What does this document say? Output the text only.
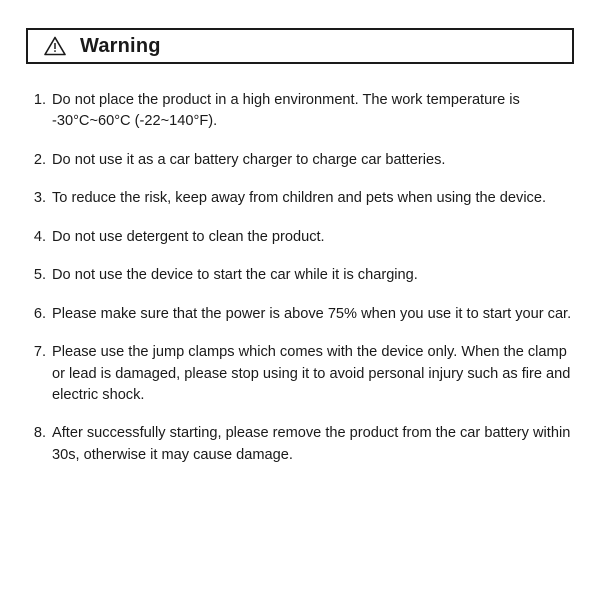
Warning
1. Do not place the product in a high environment. The work temperature is -30°C~60°C (-22~140°F).
2. Do not use it as a car battery charger to charge car batteries.
3. To reduce the risk, keep away from children and pets when using the device.
4. Do not use detergent to clean the product.
5. Do not use the device to start the car while it is charging.
6. Please make sure that the power is above 75% when you use it to start your car.
7. Please use the jump clamps which comes with the device only. When the clamp or lead is damaged, please stop using it to avoid personal injury such as fire and electric shock.
8. After successfully starting, please remove the product from the car battery within 30s, otherwise it may cause damage.
